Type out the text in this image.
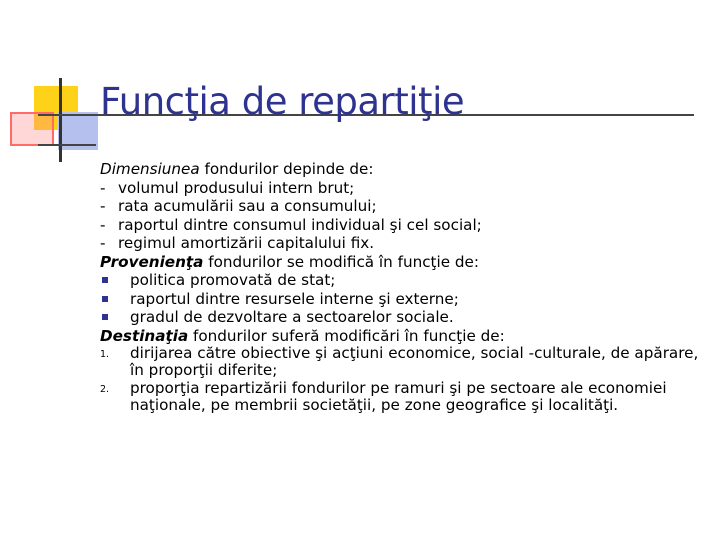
Funcţia de repartiţie
Dimensiunea fondurilor depinde de:
- volumul produsului intern brut;
- rata acumulării sau a consumului;
- raportul dintre consumul individual şi cel social;
- regimul amortizării capitalului fix.
Provenienţa fondurilor se modifică în funcţie de:
politica promovată de stat;
raportul dintre resursele interne şi externe;
gradul de dezvoltare a sectoarelor sociale.
Destinaţia fondurilor suferă modificări în funcţie de:
1. dirijarea către obiective şi acţiuni economice, social -culturale, de apărare, în proporţii diferite;
2. proporţia repartizării fondurilor pe ramuri şi pe sectoare ale economiei naţionale, pe membrii societăţii, pe zone geografice şi localităţi.
